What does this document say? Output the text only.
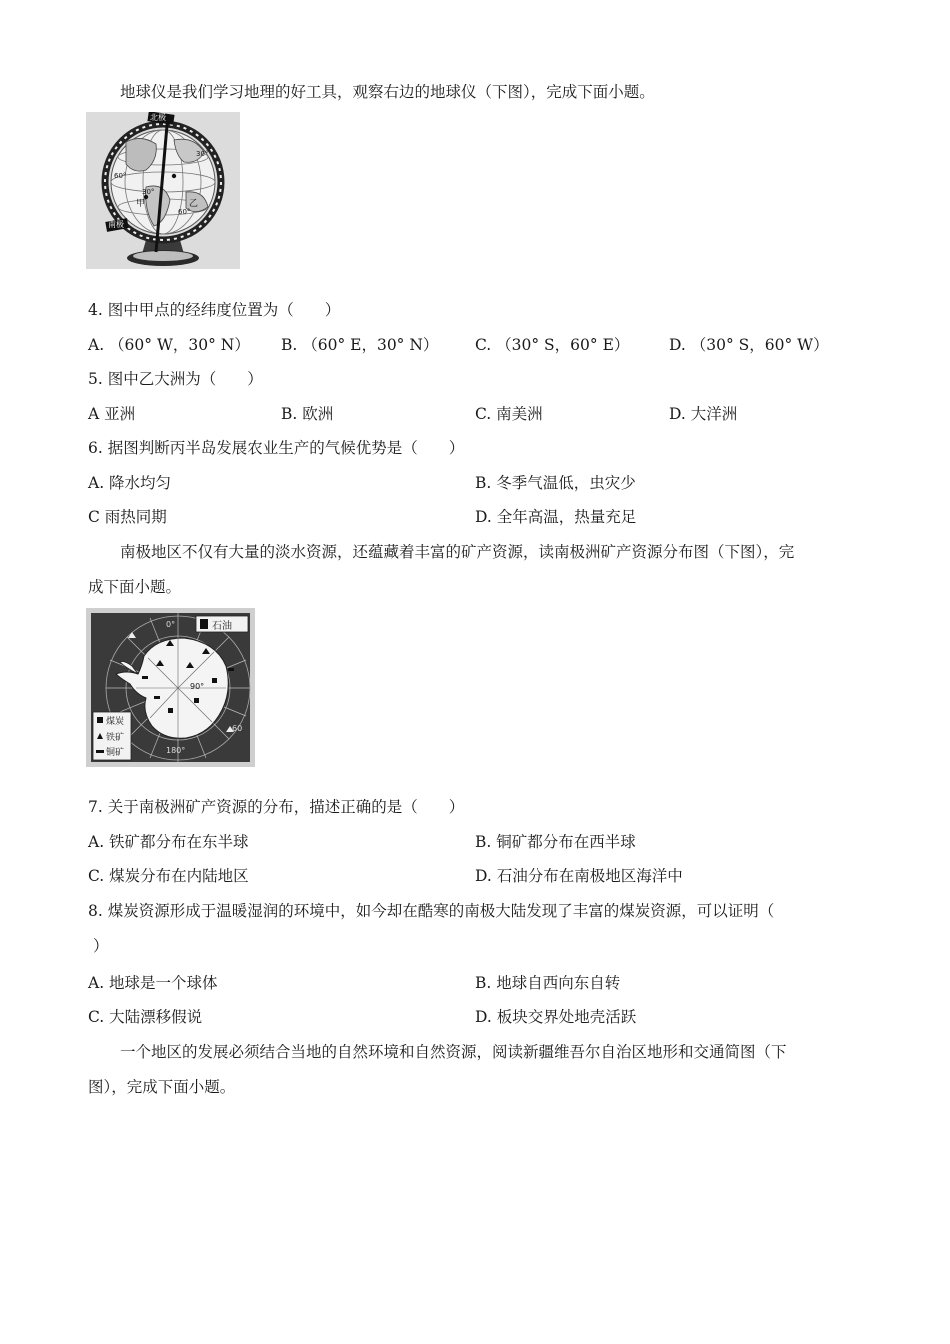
地球仪是我们学习地理的好工具，观察右边的地球仪（下图），完成下面小题。
北极
南极
甲	乙
30°
60°
30°
60°
4. 图中甲点的经纬度位置为（　　）
A. （60° W，30° N） B. （60° E，30° N） C. （30° S，60° E）	D. （30° S，60° W）
5. 图中乙大洲为（　　）
A 亚洲	B. 欧洲	C. 南美洲	D. 大洋洲
6. 据图判断丙半岛发展农业生产的气候优势是（　　）
A. 降水均匀	B. 冬季气温低，虫灾少
C 雨热同期	D. 全年高温，热量充足
南极地区不仅有大量的淡水资源，还蕴藏着丰富的矿产资源，读南极洲矿产资源分布图（下图），完
成下面小题。
石油
煤炭
铁矿
铜矿
0°
90°
180°
60
7. 关于南极洲矿产资源的分布，描述正确的是（　　）
A. 铁矿都分布在东半球	B. 铜矿都分布在西半球
C. 煤炭分布在内陆地区	D. 石油分布在南极地区海洋中
8. 煤炭资源形成于温暖湿润的环境中，如今却在酷寒的南极大陆发现了丰富的煤炭资源，可以证明（
）
A. 地球是一个球体	B. 地球自西向东自转
C. 大陆漂移假说	D. 板块交界处地壳活跃
一个地区的发展必须结合当地的自然环境和自然资源，阅读新疆维吾尔自治区地形和交通简图（下
图），完成下面小题。
